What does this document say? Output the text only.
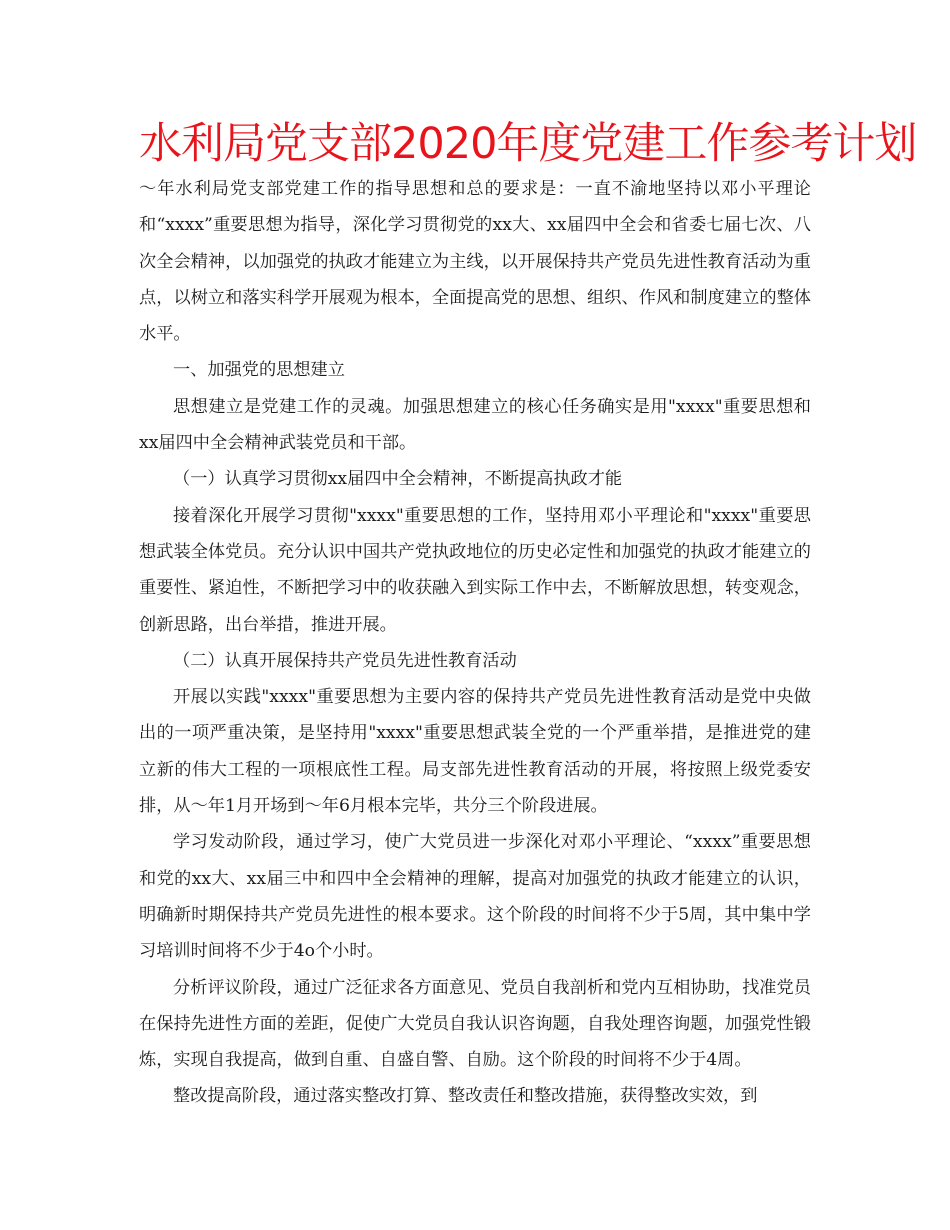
水利局党支部2020年度党建工作参考计划

～年水利局党支部党建工作的指导思想和总的要求是：一直不渝地坚持以邓小平理论和“xxxx”重要思想为指导，深化学习贯彻党的xx大、xx届四中全会和省委七届七次、八次全会精神，以加强党的执政才能建立为主线，以开展保持共产党员先进性教育活动为重点，以树立和落实科学开展观为根本，全面提高党的思想、组织、作风和制度建立的整体水平。

一、加强党的思想建立

思想建立是党建工作的灵魂。加强思想建立的核心任务确实是用"xxxx"重要思想和xx届四中全会精神武装党员和干部。

（一）认真学习贯彻xx届四中全会精神，不断提高执政才能

接着深化开展学习贯彻"xxxx"重要思想的工作，坚持用邓小平理论和"xxxx"重要思想武装全体党员。充分认识中国共产党执政地位的历史必定性和加强党的执政才能建立的重要性、紧迫性，不断把学习中的收获融入到实际工作中去，不断解放思想，转变观念，创新思路，出台举措，推进开展。

（二）认真开展保持共产党员先进性教育活动

开展以实践"xxxx"重要思想为主要内容的保持共产党员先进性教育活动是党中央做出的一项严重决策，是坚持用"xxxx"重要思想武装全党的一个严重举措，是推进党的建立新的伟大工程的一项根底性工程。局支部先进性教育活动的开展，将按照上级党委安排，从～年1月开场到～年6月根本完毕，共分三个阶段进展。

学习发动阶段，通过学习，使广大党员进一步深化对邓小平理论、“xxxx”重要思想和党的xx大、xx届三中和四中全会精神的理解，提高对加强党的执政才能建立的认识，明确新时期保持共产党员先进性的根本要求。这个阶段的时间将不少于5周，其中集中学习培训时间将不少于4o个小时。

分析评议阶段，通过广泛征求各方面意见、党员自我剖析和党内互相协助，找准党员在保持先进性方面的差距，促使广大党员自我认识咨询题，自我处理咨询题，加强党性锻炼，实现自我提高，做到自重、自盛自警、自励。这个阶段的时间将不少于4周。

整改提高阶段，通过落实整改打算、整改责任和整改措施，获得整改实效，到
